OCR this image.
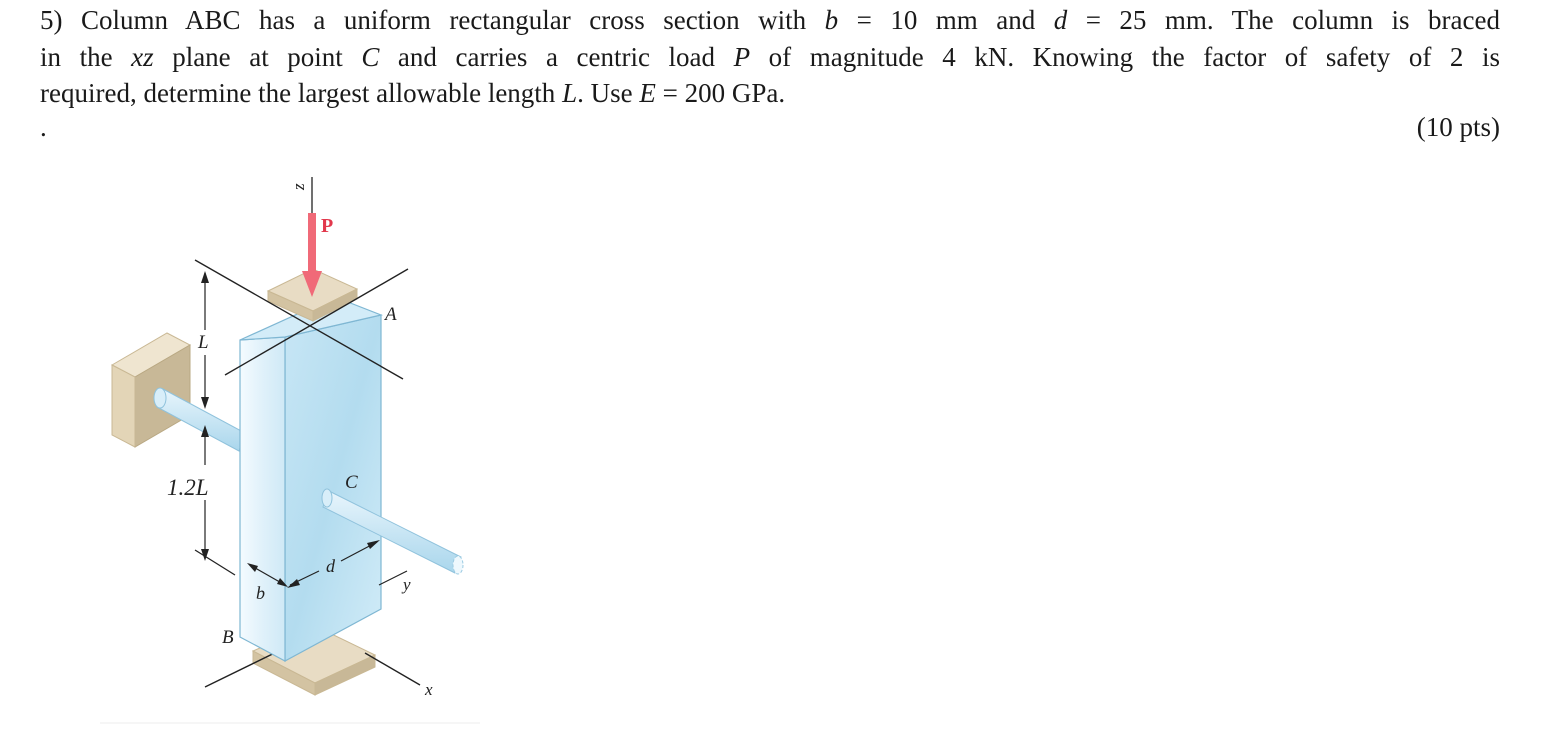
5) Column ABC has a uniform rectangular cross section with b = 10 mm and d = 25 mm. The column is braced
in the xz plane at point C and carries a centric load P of magnitude 4 kN. Knowing the factor of safety of 2 is
required, determine the largest allowable length L. Use E = 200 GPa.
.	(10 pts)
z
P
A
L
1.2L	C
d
b	y
B
x
